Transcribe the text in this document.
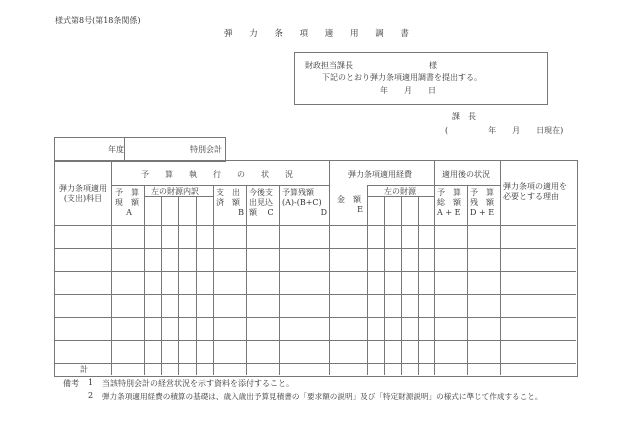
様式第8号(第18条関係)
弾 力 条 項 適 用 調 書
財政担当課長	様
下記のとおり弾力条項適用調書を提出する。
年　　月　　日
課　長
(　　　　　年　　月　　日現在)
年度	特別会計
弾力条項適用
(支出)科目
予　　算　　執　　行　　の　　状　　況
予　算
現　額
A
左の財源内訳 支　出
済　額
B
今後支
出見込
額　 C
予算残額
(A)-(B+C)
D
弾力条項適用経費
金　額
E
左の財源
適用後の状況
予　算
総　額
A + E
予　算
残　額
D + E
弾力条項の適用を
必要とする理由
計
備考 1 当該特別会計の経営状況を示す資料を添付すること。
2 弾力条項適用経費の積算の基礎は、歳入歳出予算見積書の「要求額の説明」及び「特定財源説明」の様式に準じて作成すること。
